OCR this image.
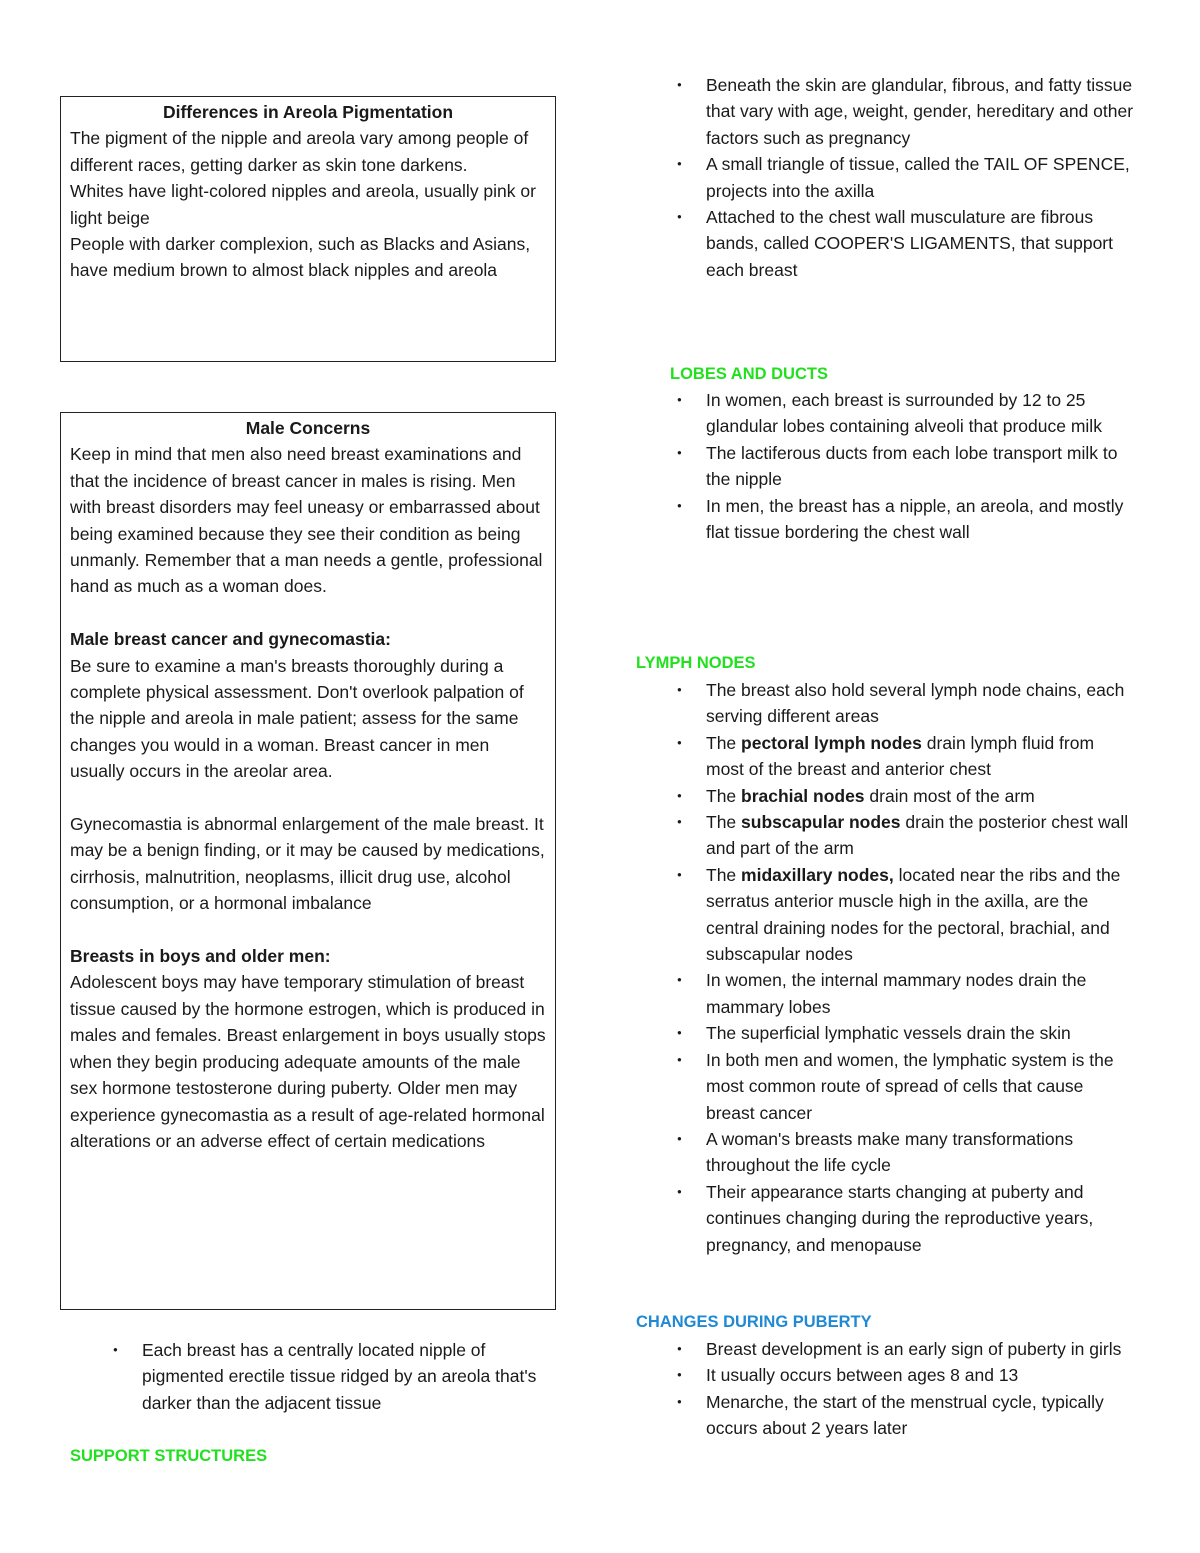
Differences in Areola Pigmentation

The pigment of the nipple and areola vary among people of different races, getting darker as skin tone darkens.

Whites have light-colored nipples and areola, usually pink or light beige

People with darker complexion, such as Blacks and Asians, have medium brown to almost black nipples and areola

Male Concerns

Keep in mind that men also need breast examinations and that the incidence of breast cancer in males is rising. Men with breast disorders may feel uneasy or embarrassed about being examined because they see their condition as being unmanly. Remember that a man needs a gentle, professional hand as much as a woman does.

Male breast cancer and gynecomastia:

Be sure to examine a man's breasts thoroughly during a complete physical assessment. Don't overlook palpation of the nipple and areola in male patient; assess for the same changes you would in a woman. Breast cancer in men usually occurs in the areolar area.

Gynecomastia is abnormal enlargement of the male breast. It may be a benign finding, or it may be caused by medications, cirrhosis, malnutrition, neoplasms, illicit drug use, alcohol consumption, or a hormonal imbalance

Breasts in boys and older men:

Adolescent boys may have temporary stimulation of breast tissue caused by the hormone estrogen, which is produced in males and females. Breast enlargement in boys usually stops when they begin producing adequate amounts of the male sex hormone testosterone during puberty. Older men may experience gynecomastia as a result of age-related hormonal alterations or an adverse effect of certain medications

● Each breast has a centrally located nipple of pigmented erectile tissue ridged by an areola that's darker than the adjacent tissue
SUPPORT STRUCTURES
● Beneath the skin are glandular, fibrous, and fatty tissue that vary with age, weight, gender, hereditary and other factors such as pregnancy
● A small triangle of tissue, called the TAIL OF SPENCE, projects into the axilla
● Attached to the chest wall musculature are fibrous bands, called COOPER'S LIGAMENTS, that support each breast
LOBES AND DUCTS
● In women, each breast is surrounded by 12 to 25 glandular lobes containing alveoli that produce milk
● The lactiferous ducts from each lobe transport milk to the nipple
● In men, the breast has a nipple, an areola, and mostly flat tissue bordering the chest wall
LYMPH NODES
● The breast also hold several lymph node chains, each serving different areas
● The pectoral lymph nodes drain lymph fluid from most of the breast and anterior chest
● The brachial nodes drain most of the arm
● The subscapular nodes drain the posterior chest wall and part of the arm
● The midaxillary nodes, located near the ribs and the serratus anterior muscle high in the axilla, are the central draining nodes for the pectoral, brachial, and subscapular nodes
● In women, the internal mammary nodes drain the mammary lobes
● The superficial lymphatic vessels drain the skin
● In both men and women, the lymphatic system is the most common route of spread of cells that cause breast cancer
● A woman's breasts make many transformations throughout the life cycle
● Their appearance starts changing at puberty and continues changing during the reproductive years, pregnancy, and menopause
CHANGES DURING PUBERTY
● Breast development is an early sign of puberty in girls
● It usually occurs between ages 8 and 13
● Menarche, the start of the menstrual cycle, typically occurs about 2 years later
